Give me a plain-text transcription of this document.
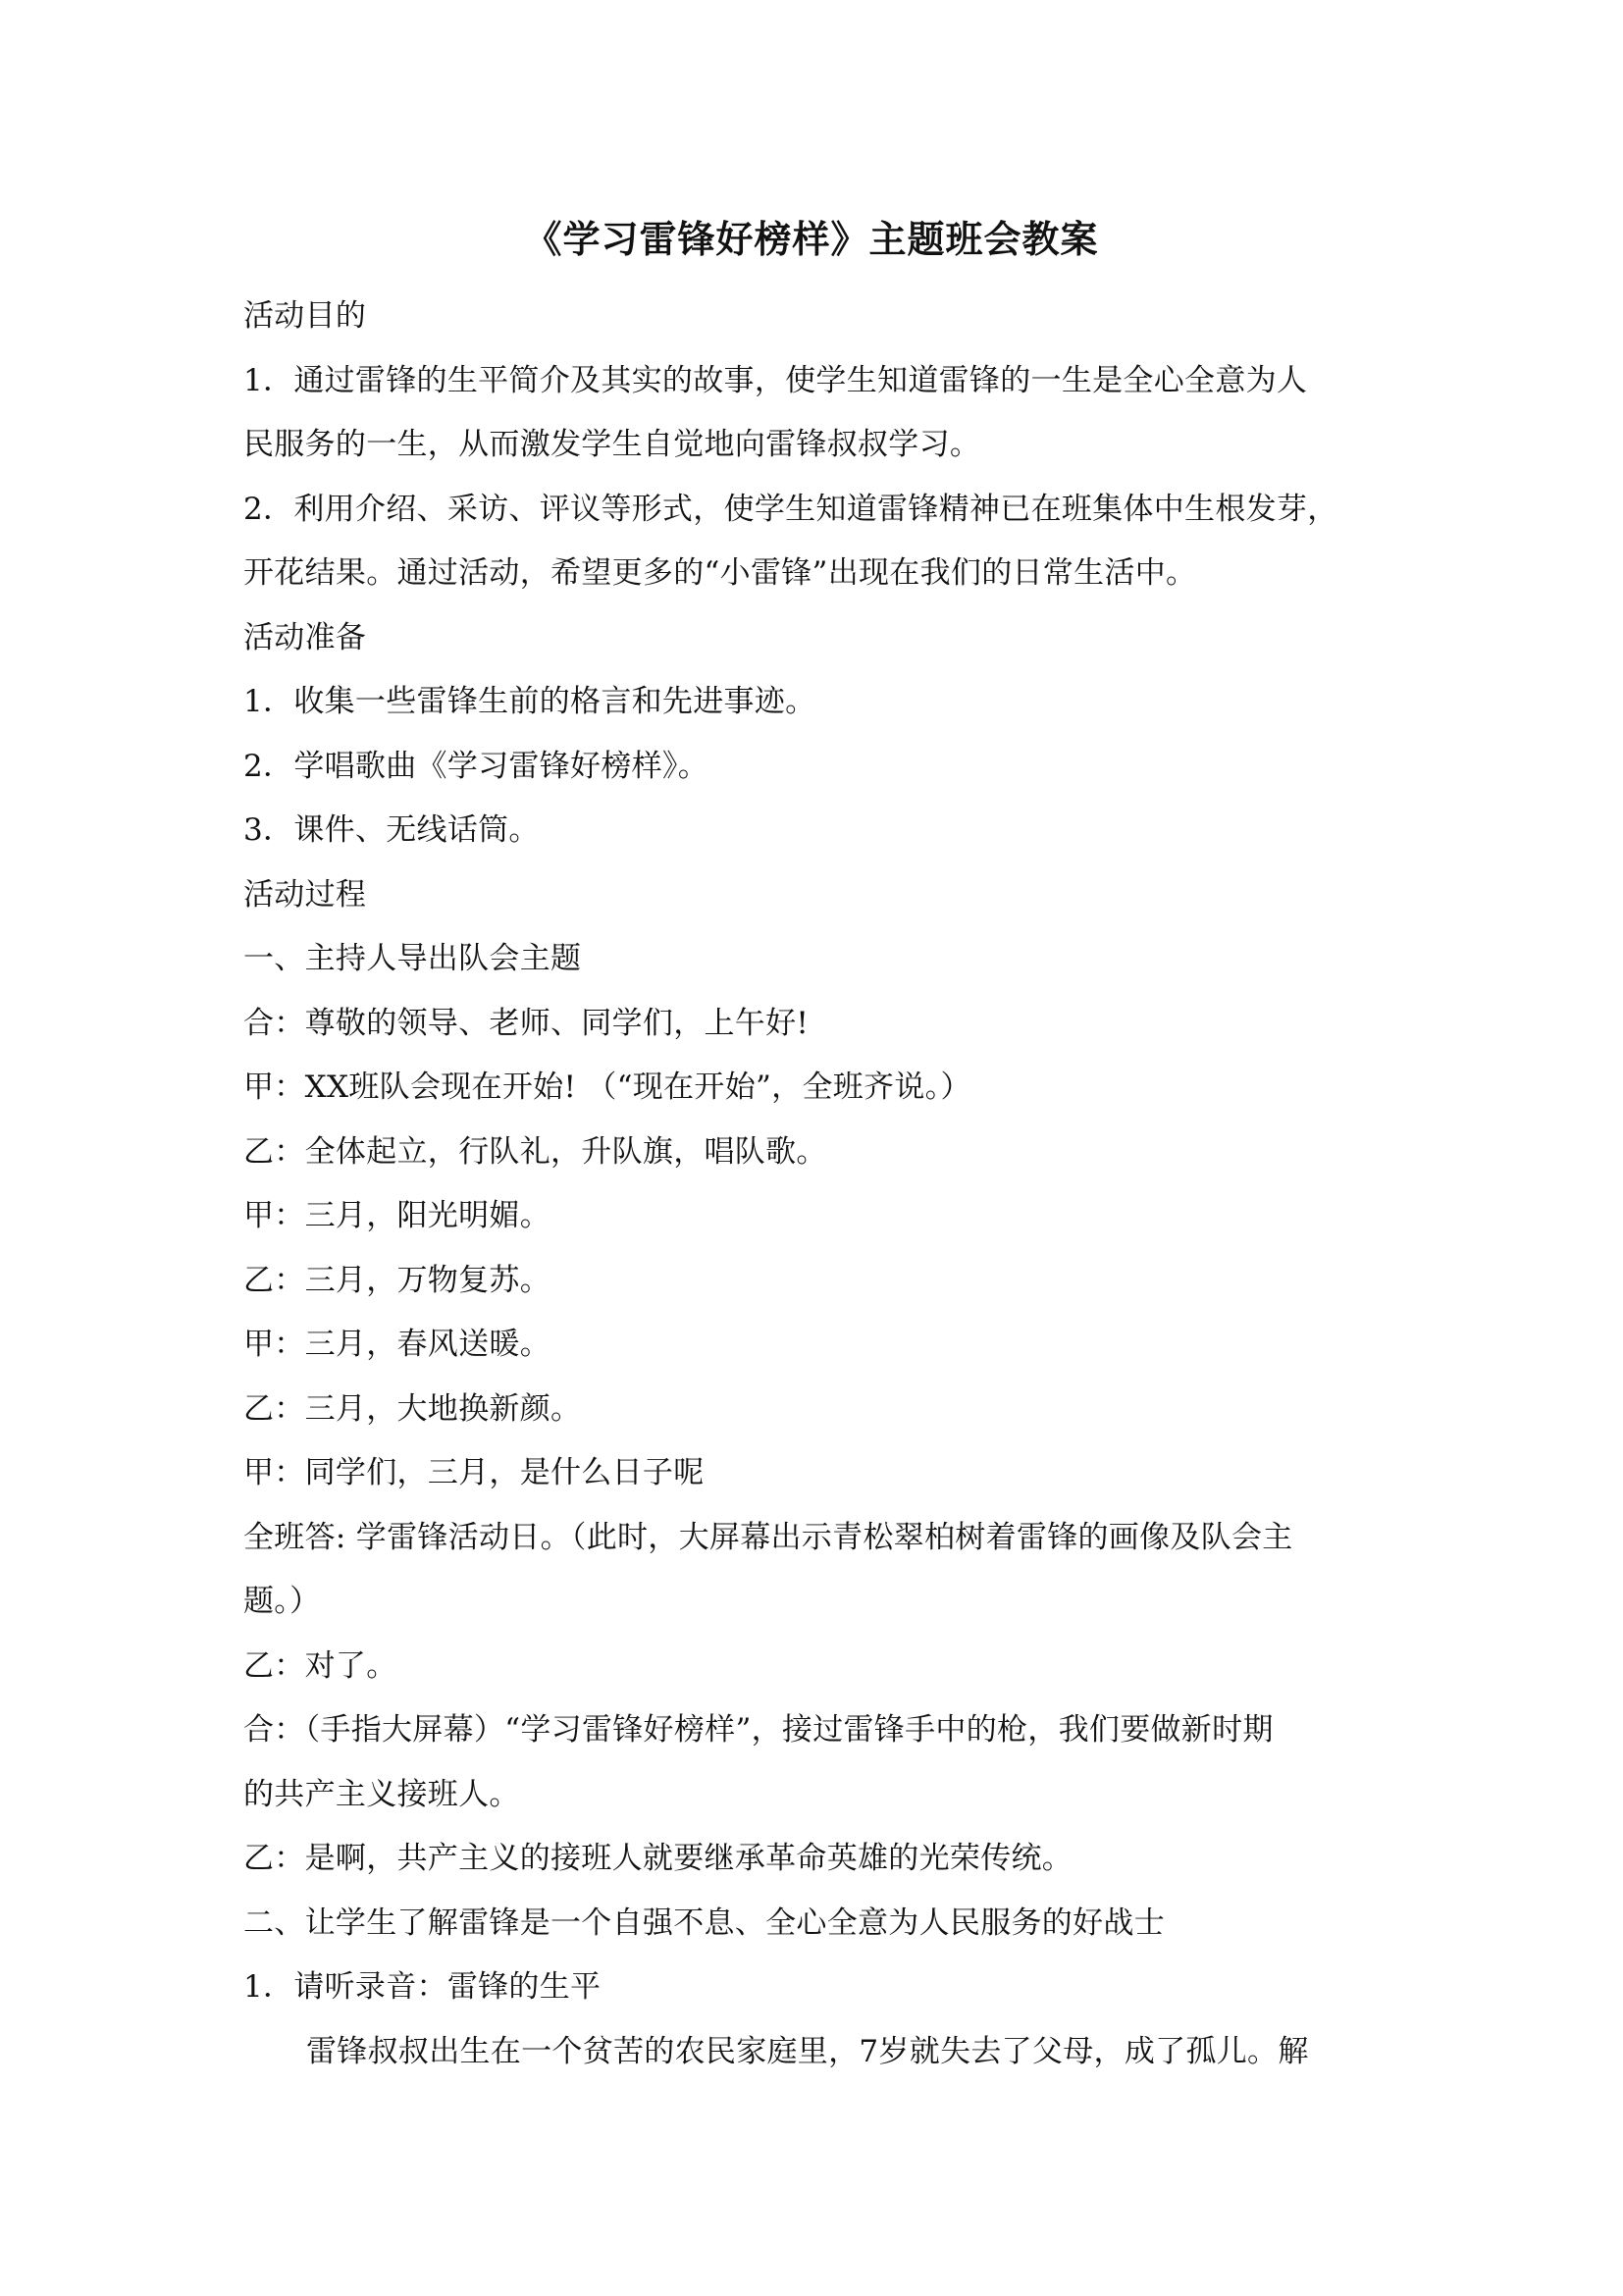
《学习雷锋好榜样》主题班会教案
活动目的
1．通过雷锋的生平简介及其实的故事，使学生知道雷锋的一生是全心全意为人
民服务的一生，从而激发学生自觉地向雷锋叔叔学习。
2．利用介绍、采访、评议等形式，使学生知道雷锋精神已在班集体中生根发芽，
开花结果。通过活动，希望更多的“小雷锋”出现在我们的日常生活中。
活动准备
1．收集一些雷锋生前的格言和先进事迹。
2．学唱歌曲《学习雷锋好榜样》。
3．课件、无线话筒。
活动过程
一、主持人导出队会主题
合：尊敬的领导、老师、同学们，上午好!
甲：XX班队会现在开始! （“现在开始”，全班齐说。）
乙：全体起立，行队礼，升队旗，唱队歌。
甲：三月，阳光明媚。
乙：三月，万物复苏。
甲：三月，春风送暖。
乙：三月，大地换新颜。
甲：同学们，三月，是什么日子呢
全班答: 学雷锋活动日。（此时，大屏幕出示青松翠柏树着雷锋的画像及队会主
题。）
乙：对了。
合：（手指大屏幕）“学习雷锋好榜样”，接过雷锋手中的枪，我们要做新时期
的共产主义接班人。
乙：是啊，共产主义的接班人就要继承革命英雄的光荣传统。
二、让学生了解雷锋是一个自强不息、全心全意为人民服务的好战士
1．请听录音：雷锋的生平
雷锋叔叔出生在一个贫苦的农民家庭里，7岁就失去了父母，成了孤儿。解
